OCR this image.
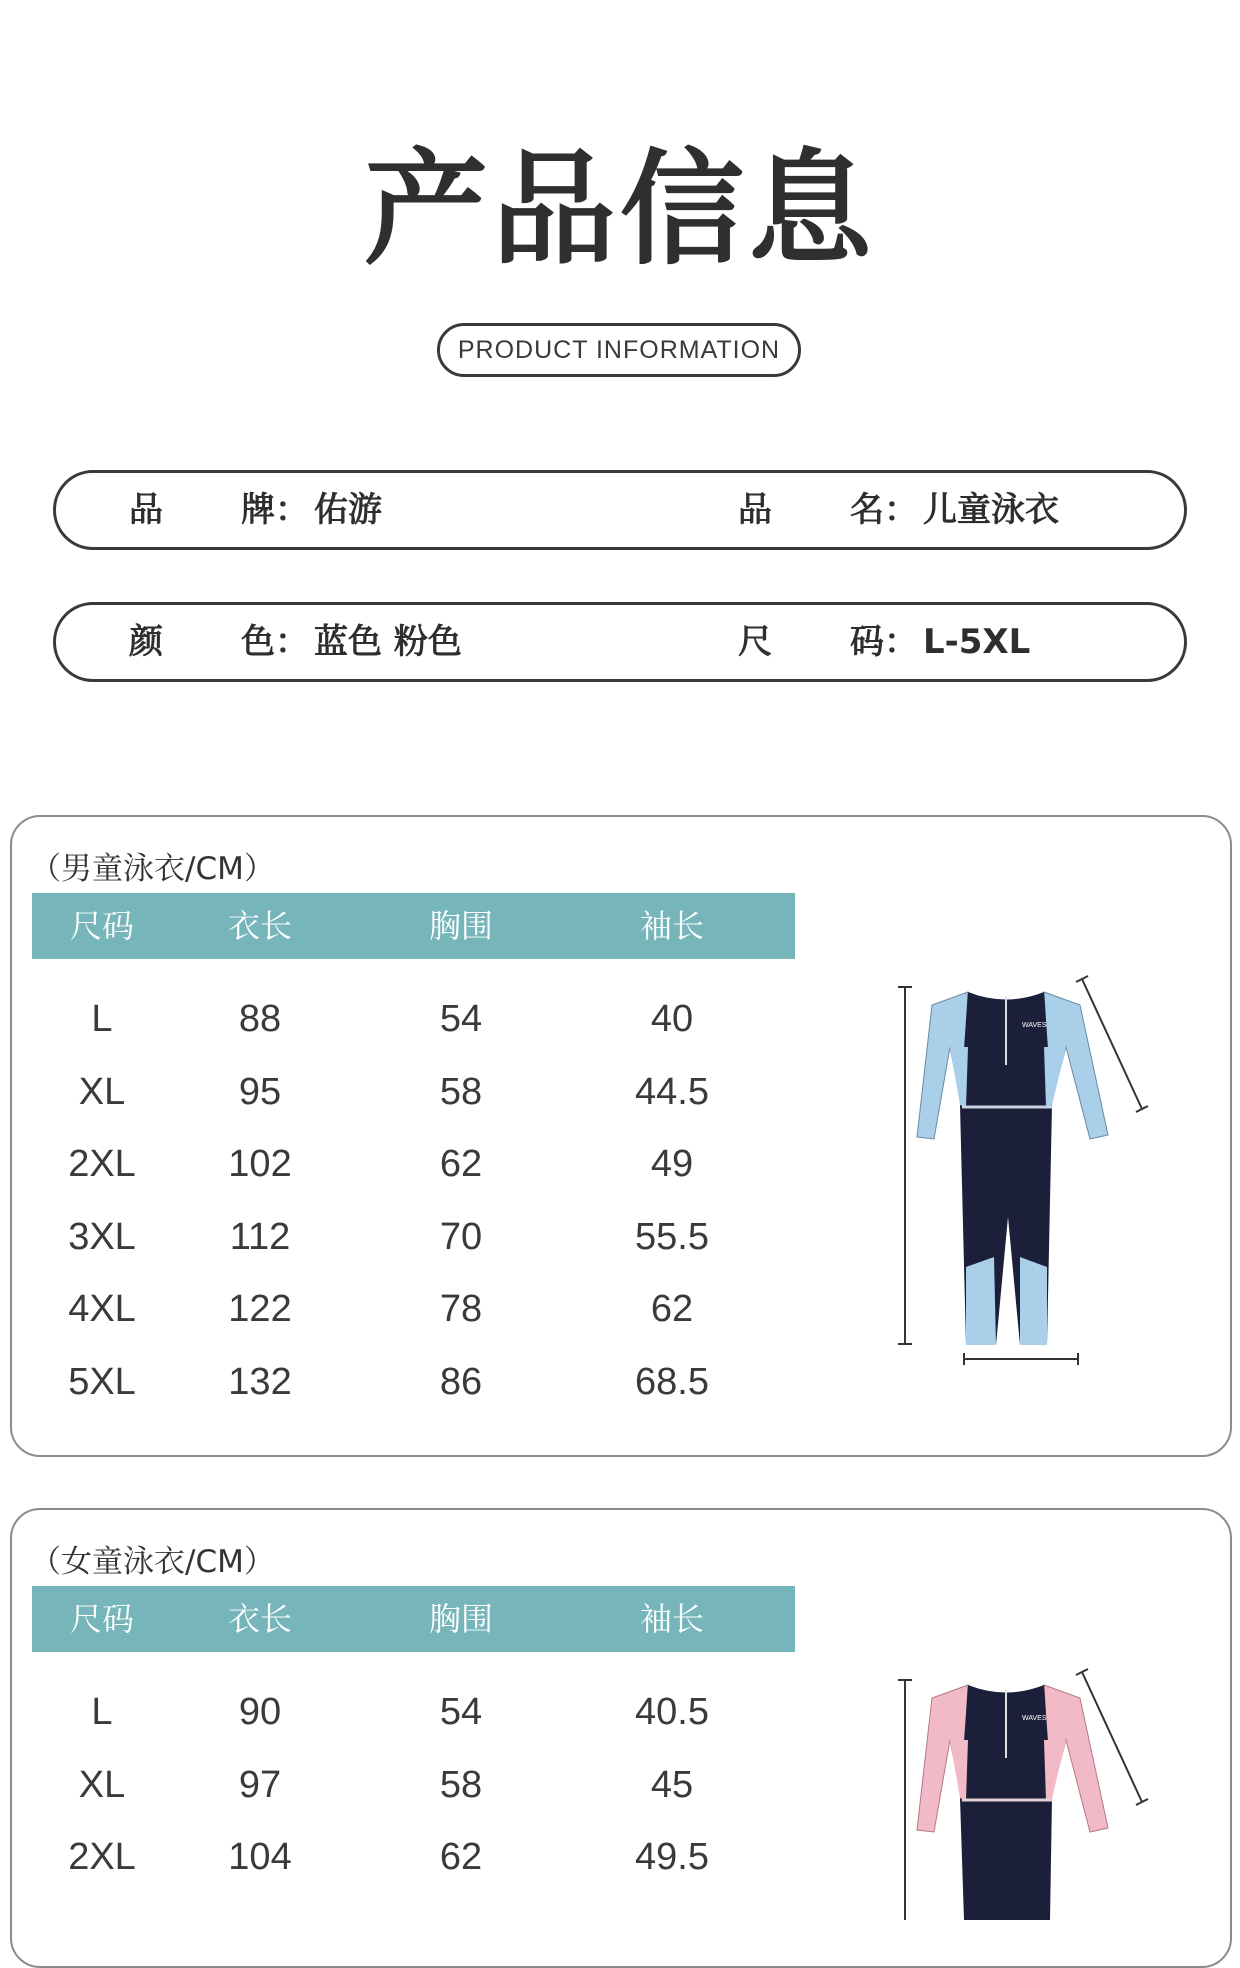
产品信息
PRODUCT INFORMATION
品 牌： 佑游	品 名： 儿童泳衣
颜 色： 蓝色 粉色	尺 码： L-5XL
（男童泳衣/CM）
尺码	衣长	胸围	袖长
L	88	54	40
XL	95	58	44.5
2XL	102	62	49
3XL	112	70	55.5
4XL	122	78	62
5XL	132	86	68.5
WAVES
（女童泳衣/CM）
尺码	衣长	胸围	袖长
L	90	54	40.5
XL	97	58	45
2XL	104	62	49.5
WAVES
